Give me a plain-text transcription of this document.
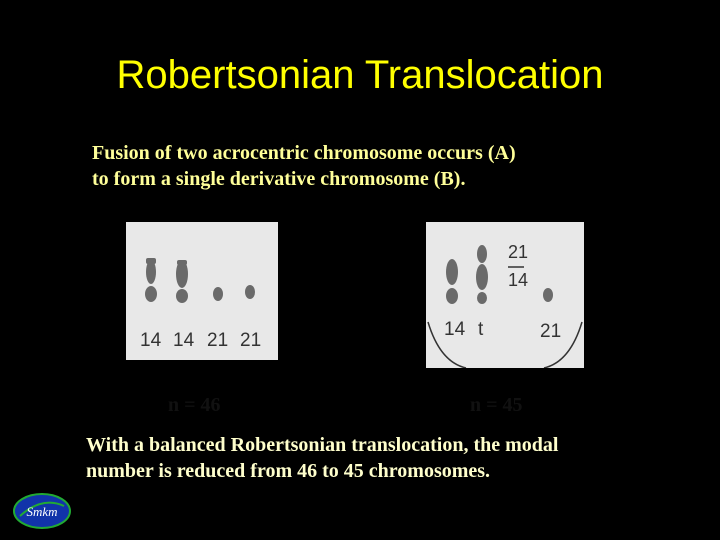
Robertsonian Translocation
Fusion of two acrocentric chromosome occurs (A)
to form a single derivative chromosome (B).
14 14 21 21
21
14
14 t	21
n = 46	n = 45
With a balanced Robertsonian translocation, the modal
number is reduced from 46 to 45 chromosomes.
Smkm
